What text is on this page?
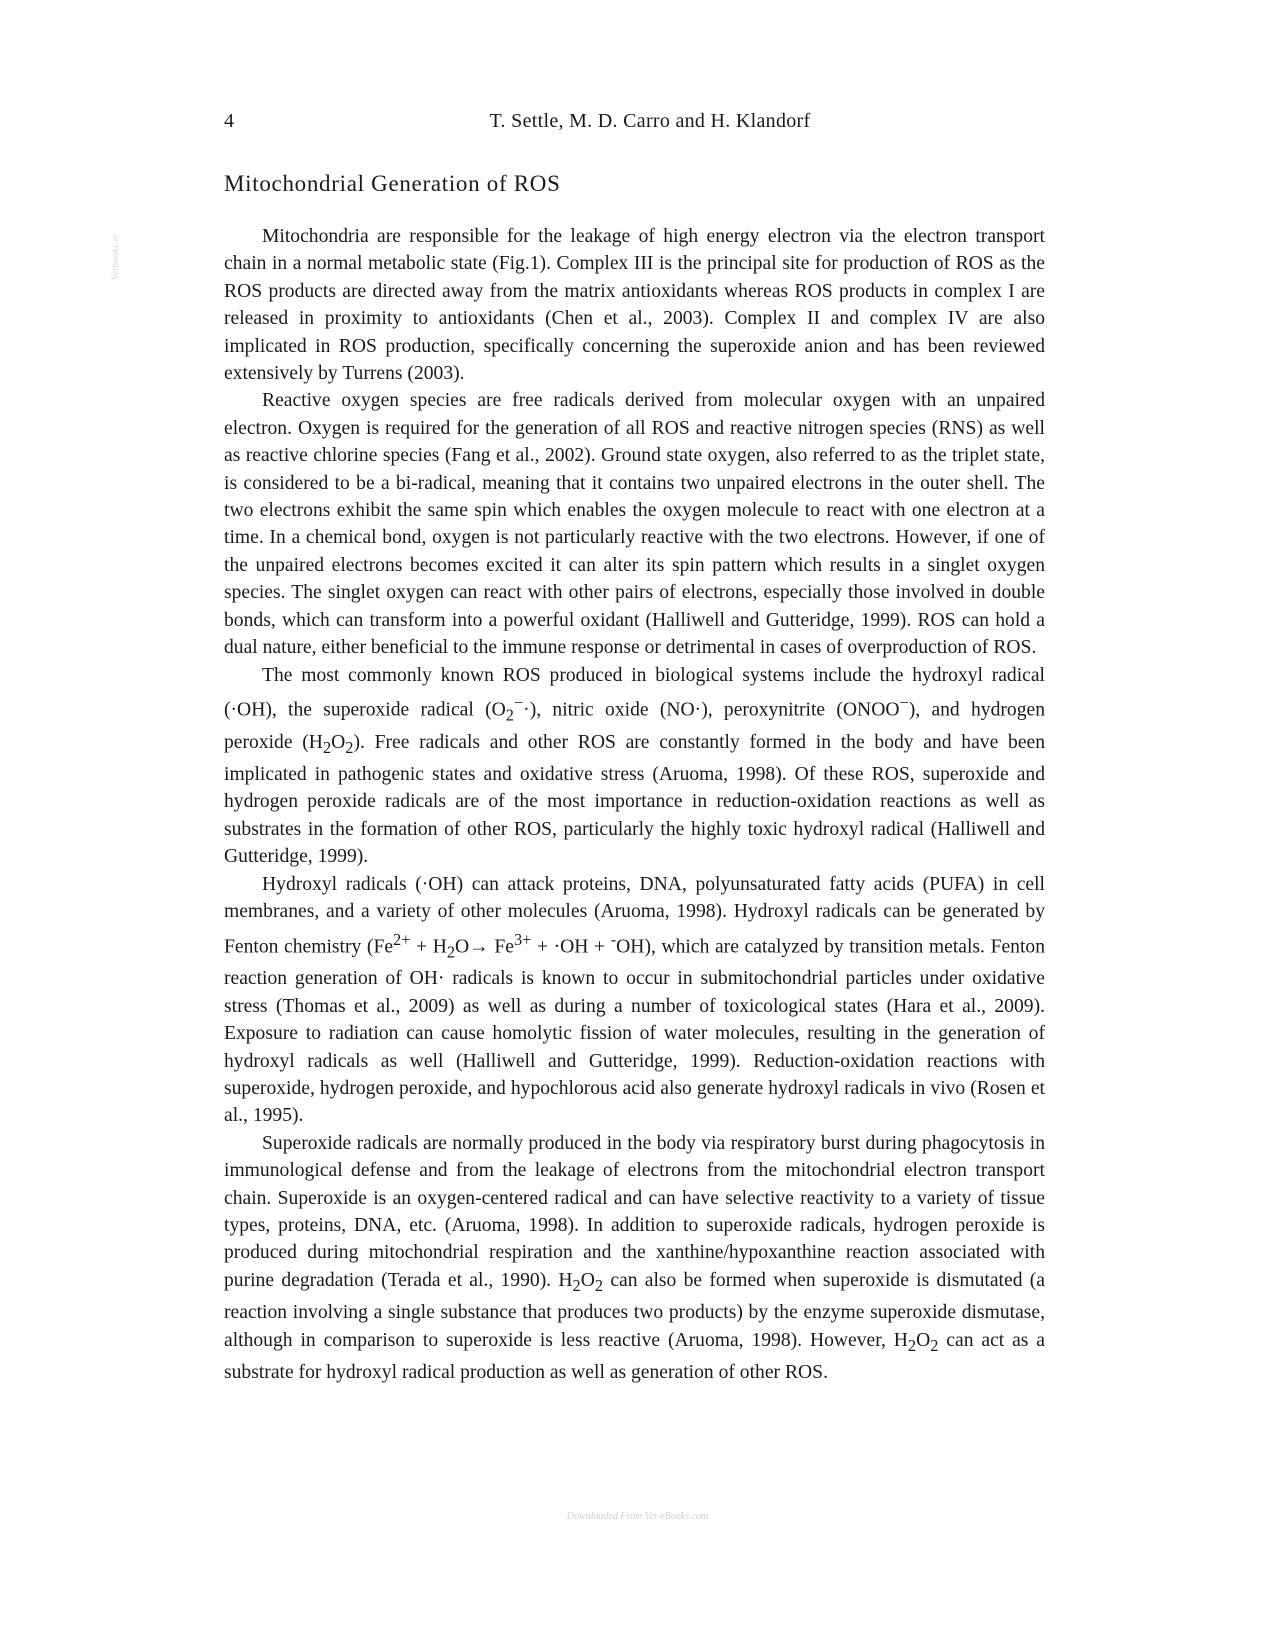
4	T. Settle, M. D. Carro and H. Klandorf
Vetbooks.ir
Mitochondrial Generation of ROS

Mitochondria are responsible for the leakage of high energy electron via the electron transport chain in a normal metabolic state (Fig.1). Complex III is the principal site for production of ROS as the ROS products are directed away from the matrix antioxidants whereas ROS products in complex I are released in proximity to antioxidants (Chen et al., 2003). Complex II and complex IV are also implicated in ROS production, specifically concerning the superoxide anion and has been reviewed extensively by Turrens (2003).

Reactive oxygen species are free radicals derived from molecular oxygen with an unpaired electron. Oxygen is required for the generation of all ROS and reactive nitrogen species (RNS) as well as reactive chlorine species (Fang et al., 2002). Ground state oxygen, also referred to as the triplet state, is considered to be a bi-radical, meaning that it contains two unpaired electrons in the outer shell. The two electrons exhibit the same spin which enables the oxygen molecule to react with one electron at a time. In a chemical bond, oxygen is not particularly reactive with the two electrons. However, if one of the unpaired electrons becomes excited it can alter its spin pattern which results in a singlet oxygen species. The singlet oxygen can react with other pairs of electrons, especially those involved in double bonds, which can transform into a powerful oxidant (Halliwell and Gutteridge, 1999). ROS can hold a dual nature, either beneficial to the immune response or detrimental in cases of overproduction of ROS.

The most commonly known ROS produced in biological systems include the hydroxyl radical (·OH), the superoxide radical $(O_2^-\cdot)$, nitric oxide (NO·), peroxynitrite (ONOO−), and hydrogen peroxide $(H_2O_2)$. Free radicals and other ROS are constantly formed in the body and have been implicated in pathogenic states and oxidative stress (Aruoma, 1998). Of these ROS, superoxide and hydrogen peroxide radicals are of the most importance in reduction-oxidation reactions as well as substrates in the formation of other ROS, particularly the highly toxic hydroxyl radical (Halliwell and Gutteridge, 1999).

Hydroxyl radicals (·OH) can attack proteins, DNA, polyunsaturated fatty acids (PUFA) in cell membranes, and a variety of other molecules (Aruoma, 1998). Hydroxyl radicals can be generated by Fenton chemistry $(Fe^{2+} + H_2O\to Fe^{3+} + \cdot OH + ^-OH)$, which are catalyzed by transition metals. Fenton reaction generation of OH· radicals is known to occur in submitochondrial particles under oxidative stress (Thomas et al., 2009) as well as during a number of toxicological states (Hara et al., 2009). Exposure to radiation can cause homolytic fission of water molecules, resulting in the generation of hydroxyl radicals as well (Halliwell and Gutteridge, 1999). Reduction-oxidation reactions with superoxide, hydrogen peroxide, and hypochlorous acid also generate hydroxyl radicals in vivo (Rosen et al., 1995).

Superoxide radicals are normally produced in the body via respiratory burst during phagocytosis in immunological defense and from the leakage of electrons from the mitochondrial electron transport chain. Superoxide is an oxygen-centered radical and can have selective reactivity to a variety of tissue types, proteins, DNA, etc. (Aruoma, 1998). In addition to superoxide radicals, hydrogen peroxide is produced during mitochondrial respiration and the xanthine/hypoxanthine reaction associated with purine degradation (Terada et al., 1990). $H_2O_2$ can also be formed when superoxide is dismutated (a reaction involving a single substance that produces two products) by the enzyme superoxide dismutase, although in comparison to superoxide is less reactive (Aruoma, 1998). However, $H_2O_2$ can act as a substrate for hydroxyl radical production as well as generation of other ROS.

Downloaded From Vet-eBooks.com
